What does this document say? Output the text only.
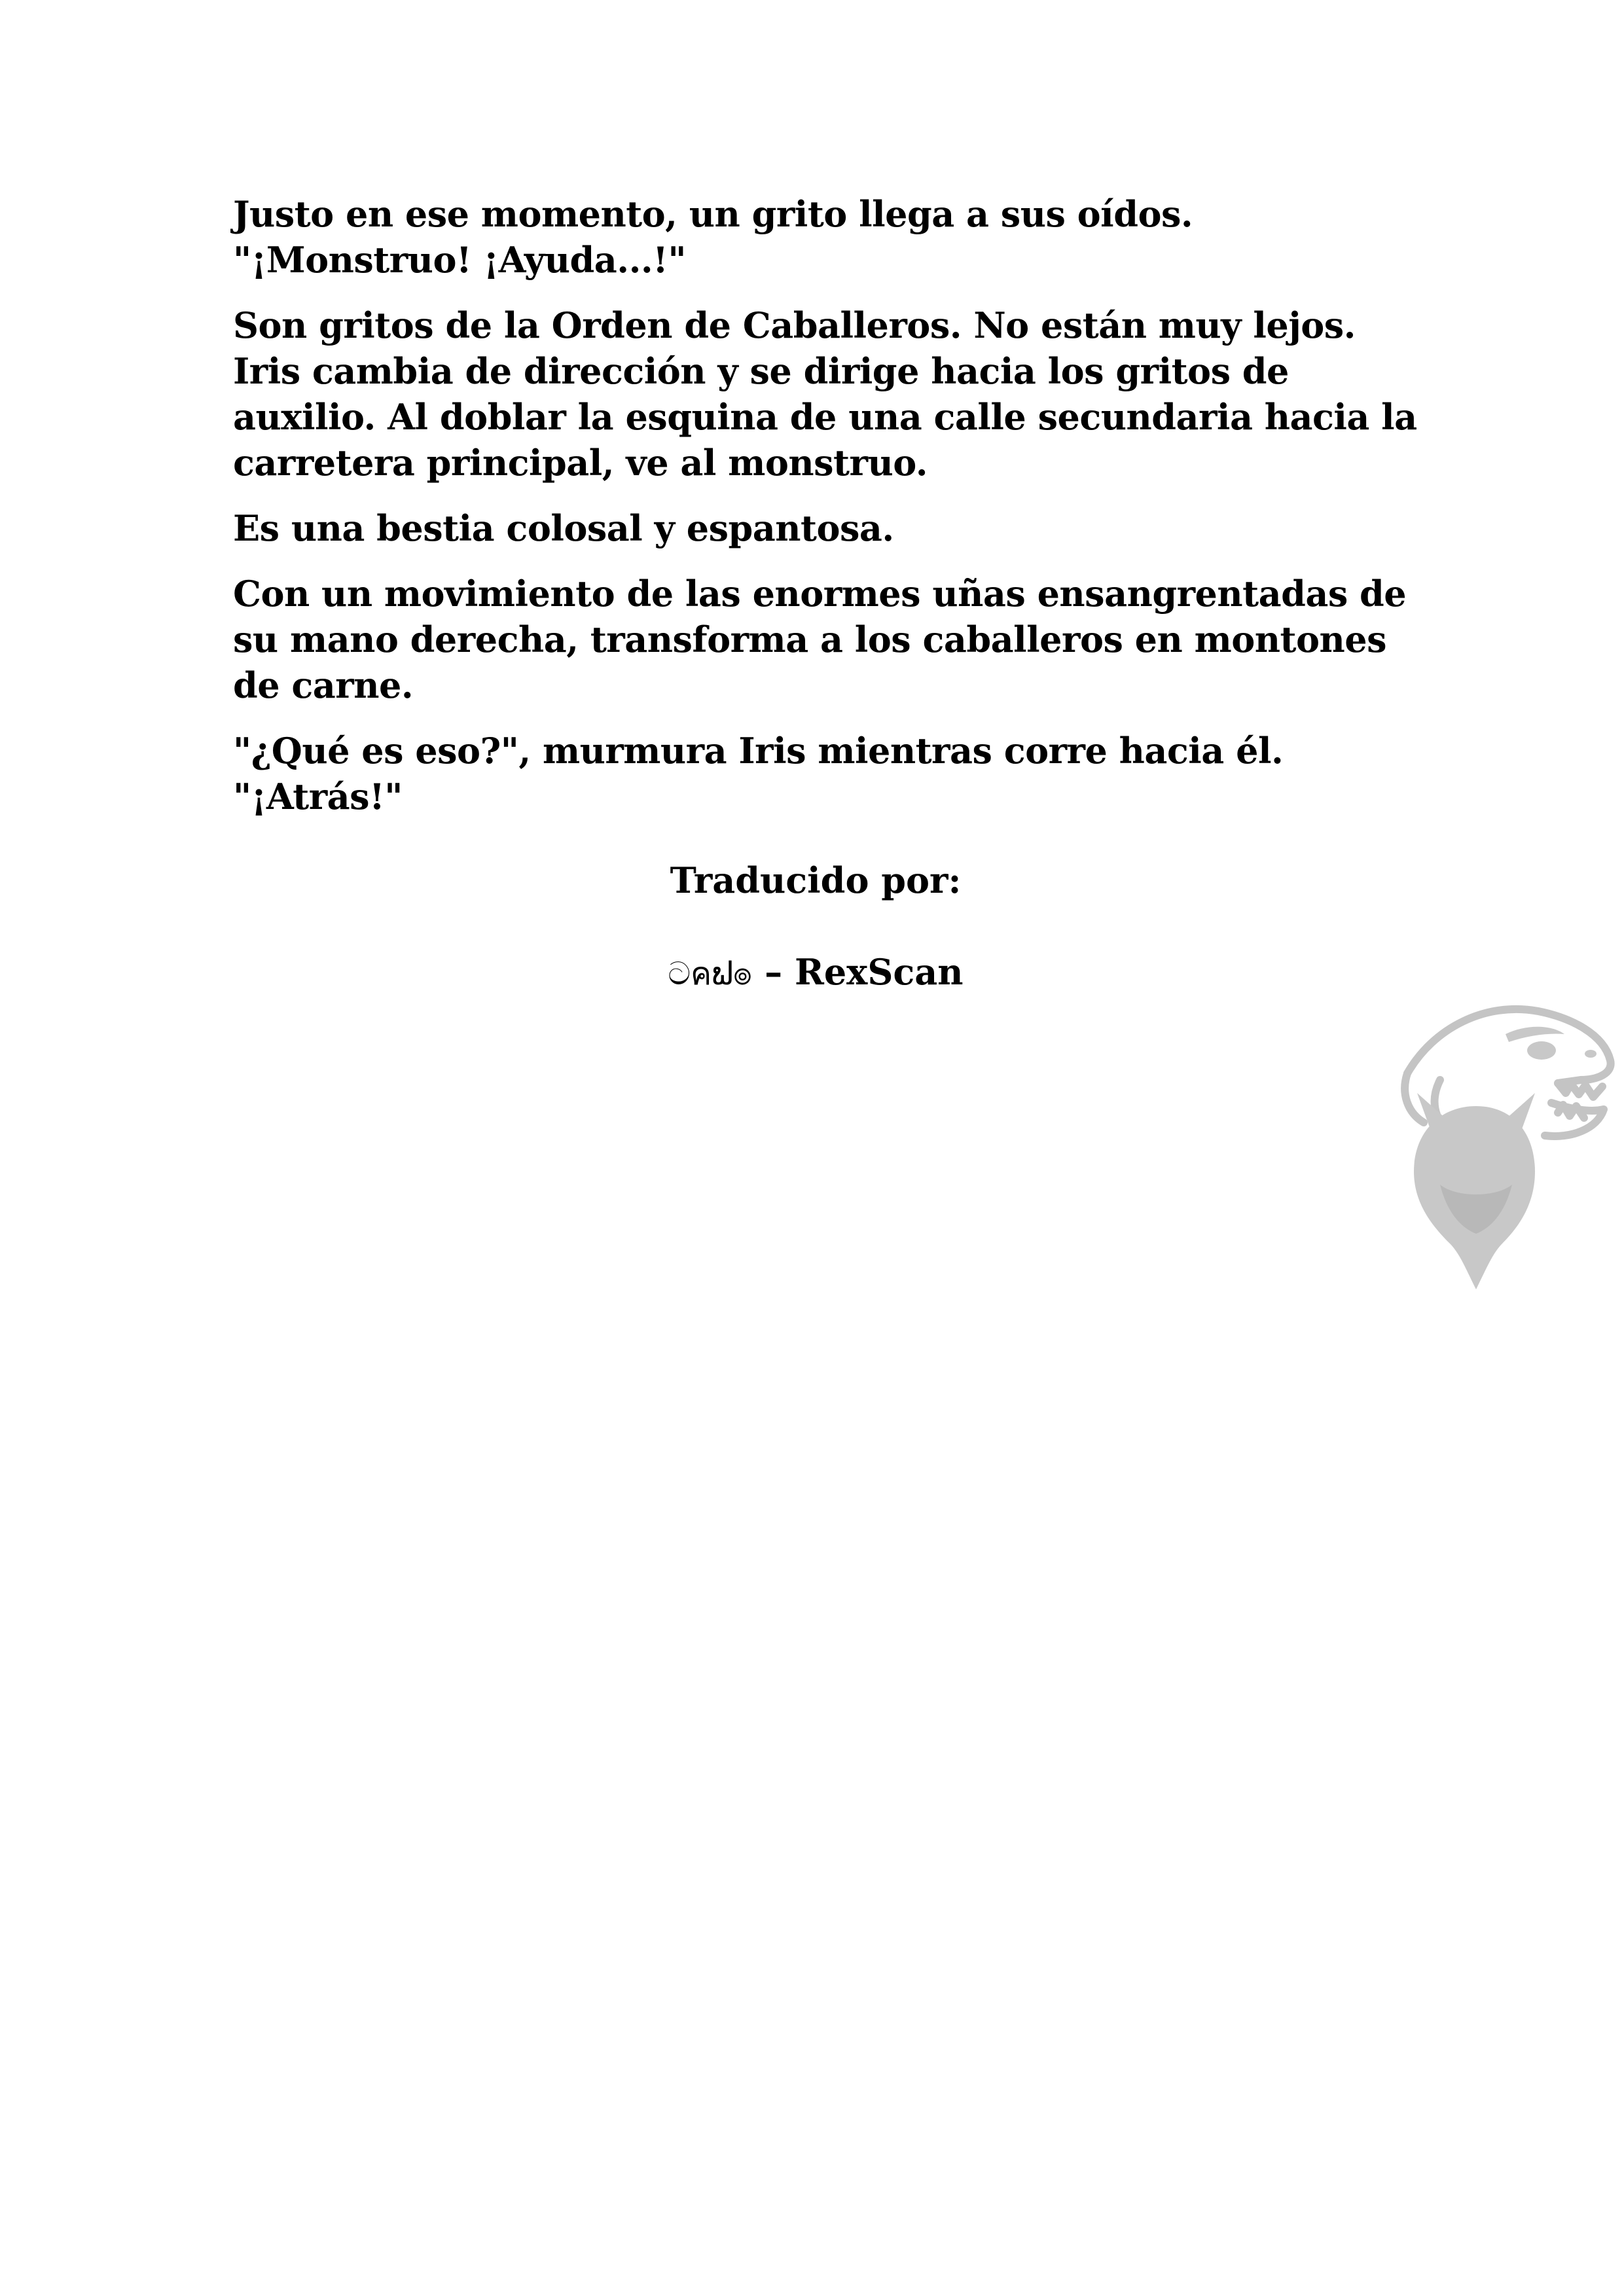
Justo en ese momento, un grito llega a sus oídos.
"¡Monstruo! ¡Ayuda...!"

Son gritos de la Orden de Caballeros. No están muy lejos.
Iris cambia de dirección y se dirige hacia los gritos de
auxilio. Al doblar la esquina de una calle secundaria hacia la
carretera principal, ve al monstruo.

Es una bestia colosal y espantosa.

Con un movimiento de las enormes uñas ensangrentadas de
su mano derecha, transforma a los caballeros en montones
de carne.

"¿Qué es eso?", murmura Iris mientras corre hacia él.
"¡Atrás!"

Traducido por:
ටคຟ๏ – RexScan
